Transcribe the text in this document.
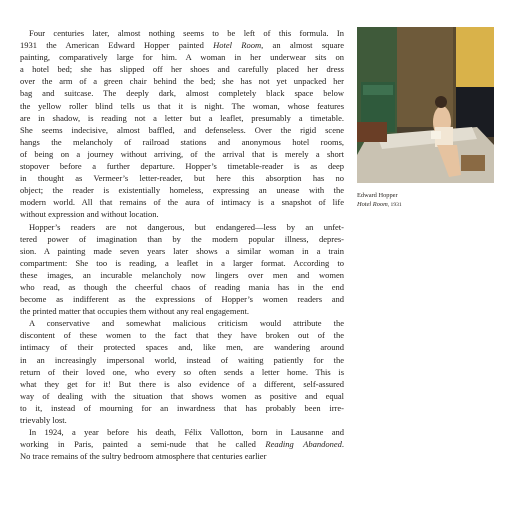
Four centuries later, almost nothing seems to be left of this formula. In
1931 the American Edward Hopper painted Hotel Room, an almost square
painting, comparatively large for him. A woman in her underwear sits on
a hotel bed; she has slipped off her shoes and carefully placed her dress
over the arm of a green chair behind the bed; she has not yet unpacked her
bag and suitcase. The deeply dark, almost completely black space below
the yellow roller blind tells us that it is night. The woman, whose features
are in shadow, is reading not a letter but a leaflet, presumably a timetable.
She seems indecisive, almost baffled, and defenseless. Over the rigid scene
hangs the melancholy of railroad stations and anonymous hotel rooms,
of being on a journey without arriving, of the arrival that is merely a short
stopover before a further departure. Hopper’s timetable-reader is as deep
in thought as Vermeer’s letter-reader, but here this absorption has no
object; the reader is existentially homeless, expressing an unease with the
modern world. All that remains of the aura of intimacy is a snapshot of life
without expression and without location.
Hopper’s readers are not dangerous, but endangered—less by an unfet-
tered power of imagination than by the modern popular illness, depres-
sion. A painting made seven years later shows a similar woman in a train
compartment: She too is reading, a leaflet in a larger format. According to
these images, an incurable melancholy now lingers over men and women
who read, as though the cheerful chaos of reading mania has in the end
become as indifferent as the expressions of Hopper’s women readers and
the printed matter that occupies them without any real engagement.
A conservative and somewhat malicious criticism would attribute the
discontent of these women to the fact that they have broken out of the
intimacy of their protected spaces and, like men, are wandering around
in an increasingly impersonal world, instead of waiting patiently for the
return of their loved one, who every so often sends a letter home. This is
what they get for it! But there is also evidence of a different, self-assured
way of dealing with the situation that shows women as positive and equal
to it, instead of mourning for an inwardness that has probably been irre-
trievably lost.
In 1924, a year before his death, Félix Vallotton, born in Lausanne and
working in Paris, painted a semi-nude that he called Reading Abandoned.
No trace remains of the sultry bedroom atmosphere that centuries earlier
Edward Hopper
Hotel Room, 1931
